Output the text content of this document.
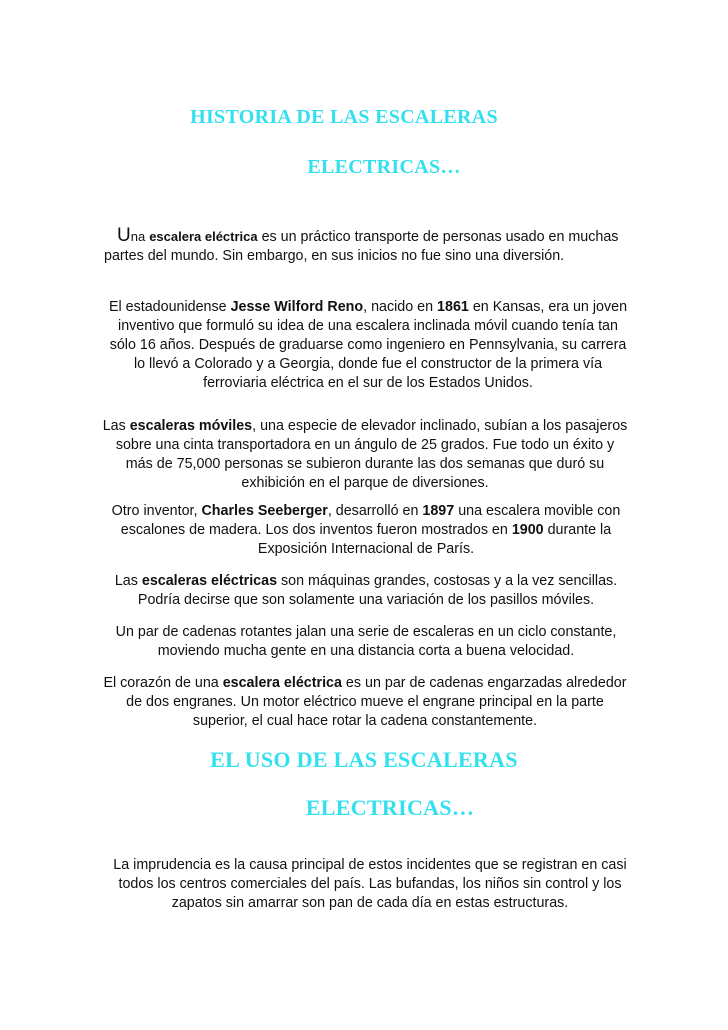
HISTORIA DE LAS ESCALERAS
ELECTRICAS…

Una escalera eléctrica es un práctico transporte de personas usado en muchas partes del mundo. Sin embargo, en sus inicios no fue sino una diversión.

El estadounidense Jesse Wilford Reno, nacido en 1861 en Kansas, era un joven inventivo que formuló su idea de una escalera inclinada móvil cuando tenía tan sólo 16 años. Después de graduarse como ingeniero en Pennsylvania, su carrera lo llevó a Colorado y a Georgia, donde fue el constructor de la primera vía ferroviaria eléctrica en el sur de los Estados Unidos.

Las escaleras móviles, una especie de elevador inclinado, subían a los pasajeros sobre una cinta transportadora en un ángulo de 25 grados. Fue todo un éxito y más de 75,000 personas se subieron durante las dos semanas que duró su exhibición en el parque de diversiones.

Otro inventor, Charles Seeberger, desarrolló en 1897 una escalera movible con escalones de madera. Los dos inventos fueron mostrados en 1900 durante la Exposición Internacional de París.

Las escaleras eléctricas son máquinas grandes, costosas y a la vez sencillas. Podría decirse que son solamente una variación de los pasillos móviles.

Un par de cadenas rotantes jalan una serie de escaleras en un ciclo constante, moviendo mucha gente en una distancia corta a buena velocidad.

El corazón de una escalera eléctrica es un par de cadenas engarzadas alrededor de dos engranes. Un motor eléctrico mueve el engrane principal en la parte superior, el cual hace rotar la cadena constantemente.

EL USO DE LAS ESCALERAS
ELECTRICAS…

La imprudencia es la causa principal de estos incidentes que se registran en casi todos los centros comerciales del país. Las bufandas, los niños sin control y los zapatos sin amarrar son pan de cada día en estas estructuras.
